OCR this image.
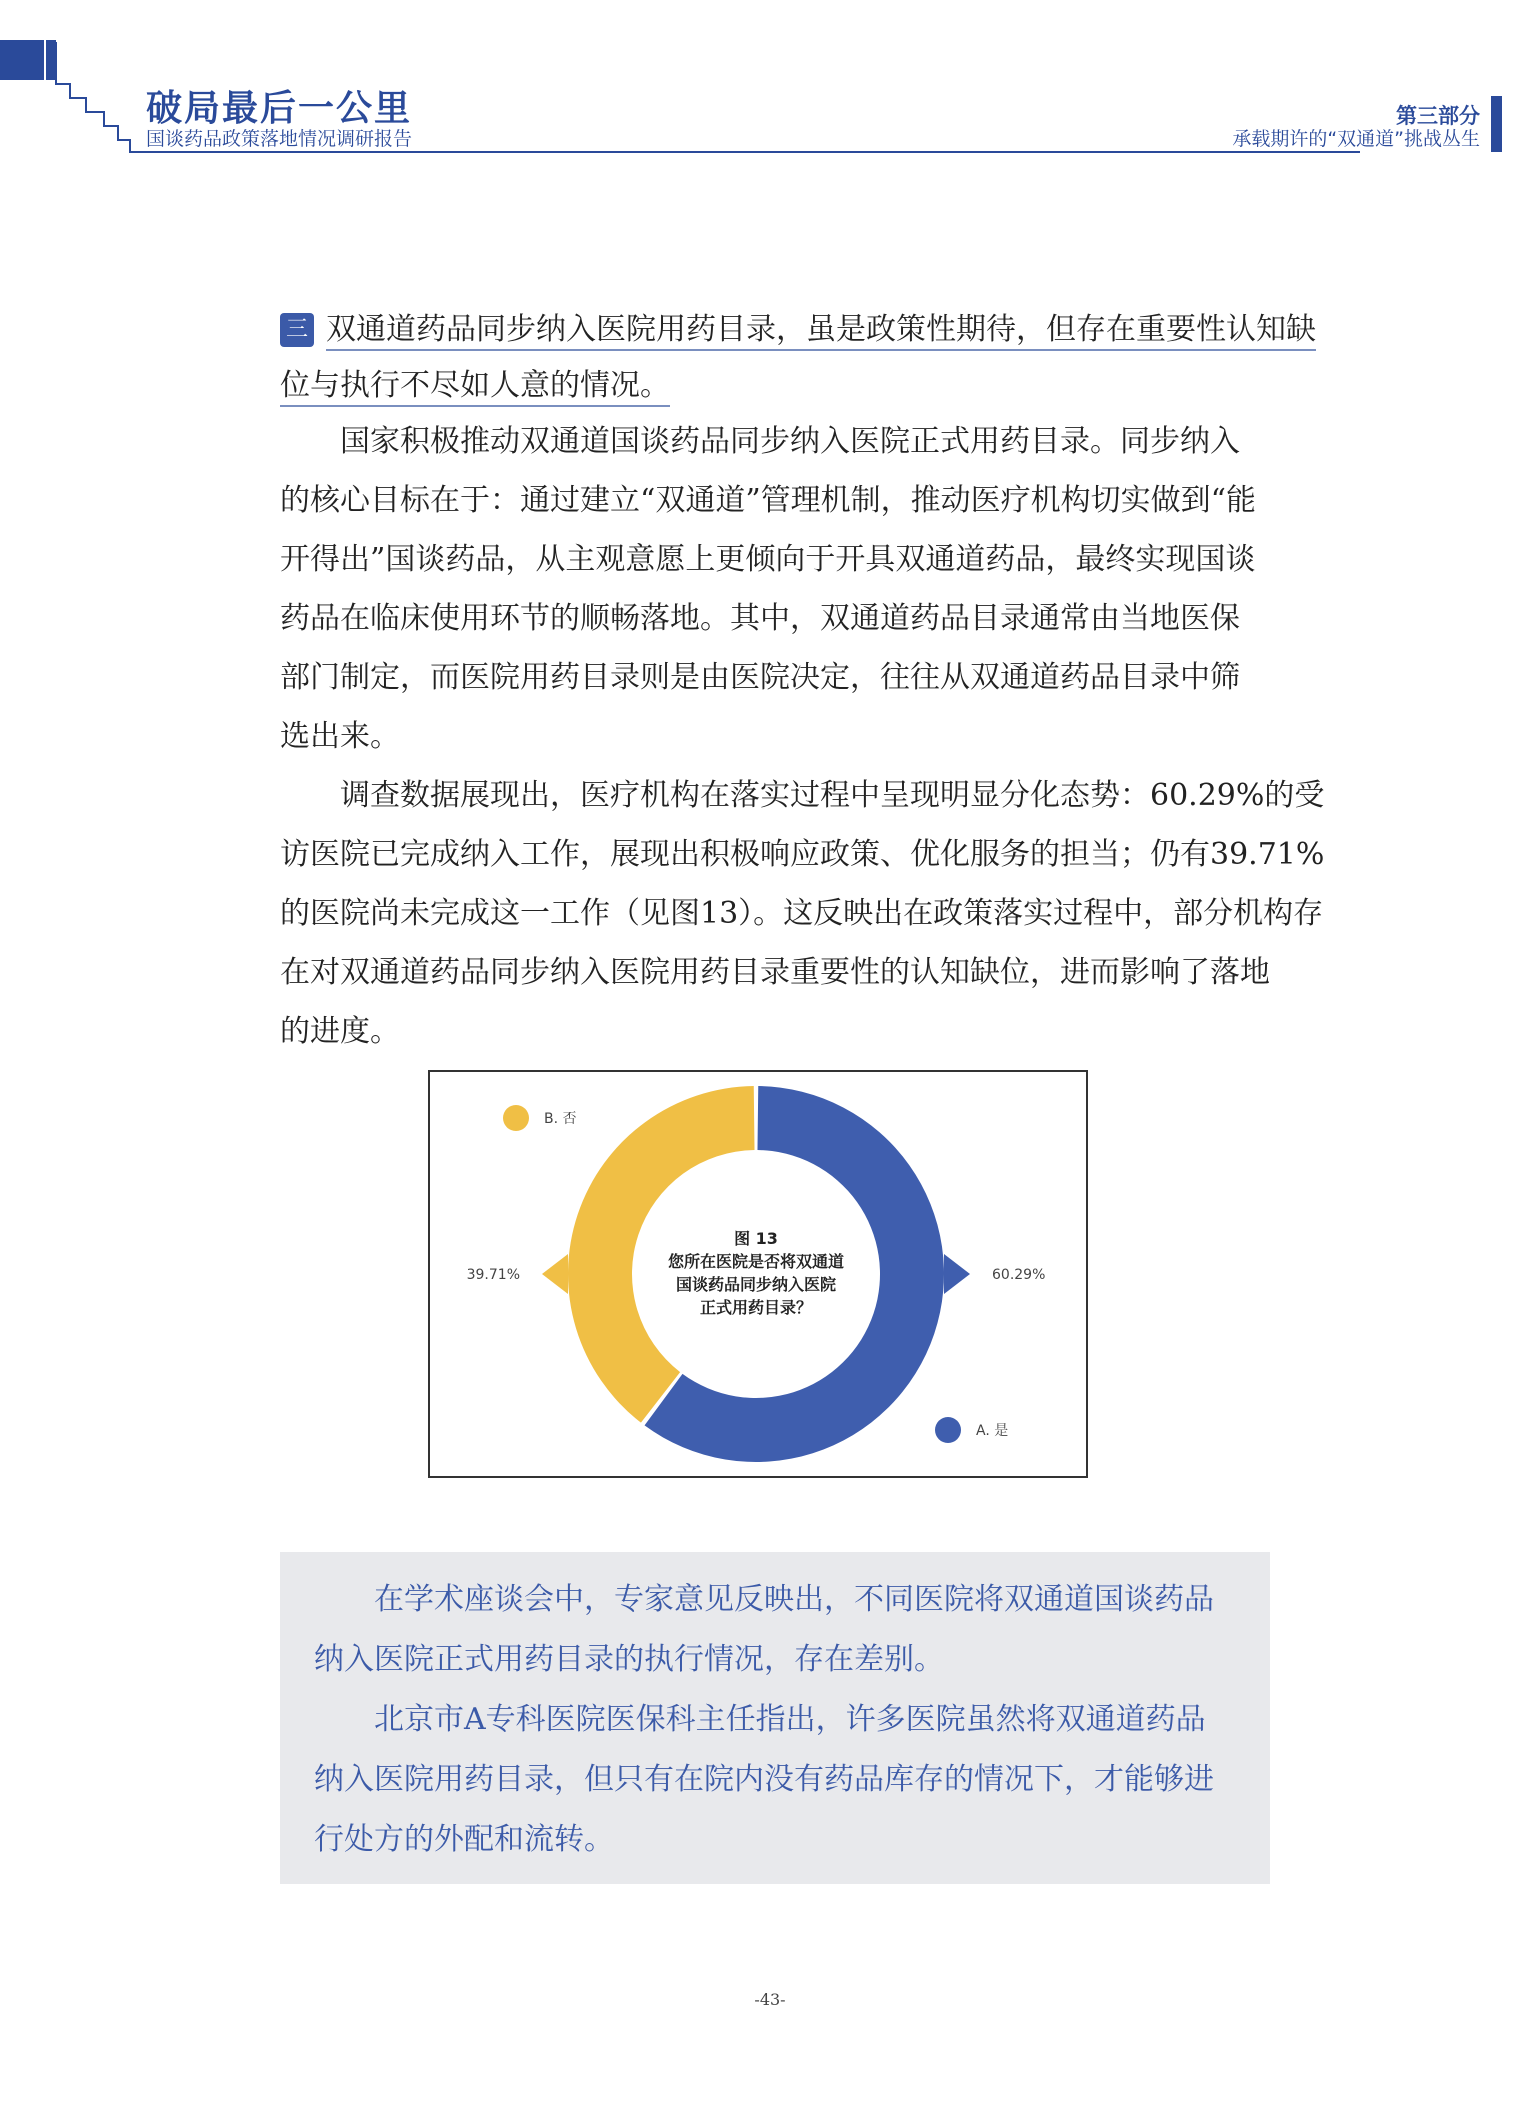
破局最后一公里
国谈药品政策落地情况调研报告
第三部分
承载期许的“双通道”挑战丛生
三 双通道药品同步纳入医院用药目录，虽是政策性期待，但存在重要性认知缺
位与执行不尽如人意的情况。
国家积极推动双通道国谈药品同步纳入医院正式用药目录。同步纳入
的核心目标在于：通过建立“双通道”管理机制，推动医疗机构切实做到“能
开得出”国谈药品，从主观意愿上更倾向于开具双通道药品，最终实现国谈
药品在临床使用环节的顺畅落地。其中，双通道药品目录通常由当地医保
部门制定，而医院用药目录则是由医院决定，往往从双通道药品目录中筛
选出来。
调查数据展现出，医疗机构在落实过程中呈现明显分化态势：60.29%的受
访医院已完成纳入工作，展现出积极响应政策、优化服务的担当；仍有39.71%
的医院尚未完成这一工作（见图13）。这反映出在政策落实过程中，部分机构存
在对双通道药品同步纳入医院用药目录重要性的认知缺位，进而影响了落地
的进度。
60.29%
39.71%
B. 否
A. 是
图 13
您所在医院是否将双通道
国谈药品同步纳入医院
正式用药目录？
在学术座谈会中，专家意见反映出，不同医院将双通道国谈药品
纳入医院正式用药目录的执行情况，存在差别。
北京市A专科医院医保科主任指出，许多医院虽然将双通道药品
纳入医院用药目录，但只有在院内没有药品库存的情况下，才能够进
行处方的外配和流转。
-43-
